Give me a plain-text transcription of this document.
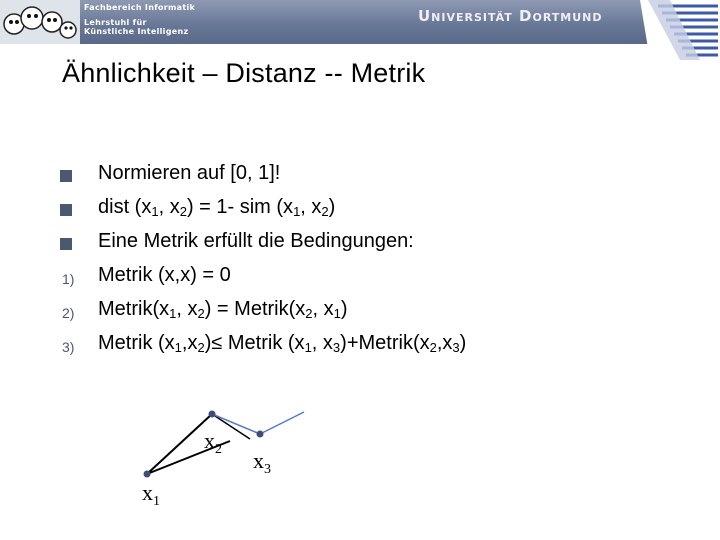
Fachbereich Informatik
Lehrstuhl für
Künstliche Intelligenz
Universität Dortmund
Ähnlichkeit – Distanz -- Metrik
Normieren auf [0, 1]!
dist ($x_1$, $x_2) = 1-$ sim ($x_1$, $x_2$)
Eine Metrik erfüllt die Bedingungen:
1) Metrik (x,x) = 0
2) $Metrik(x_1$, $x_2$) = $Metrik(x_2$, $x_1$)
3) Metrik $(x_1,x_2)\le$ Metrik ($x_1$, $x_3)+Metrik(x_2,x_3)$
$x_1$
$x_2$ $x_3$
